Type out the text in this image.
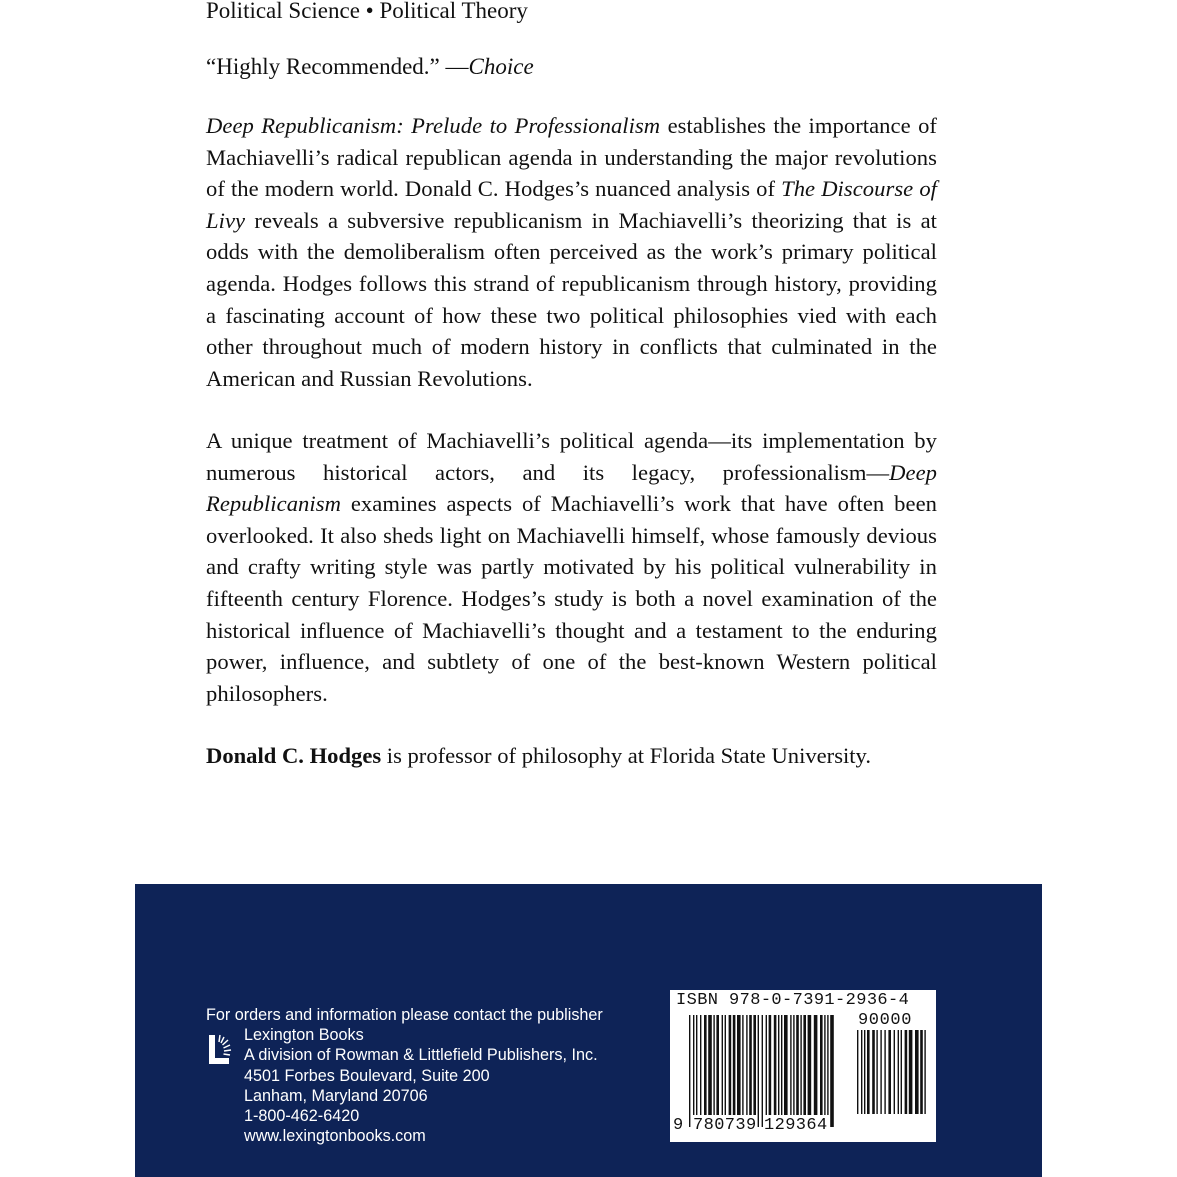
Political Science • Political Theory
“Highly Recommended.” —Choice
Deep Republicanism: Prelude to Professionalism establishes the importance of Machiavelli’s radical republican agenda in understanding the major revolutions of the modern world. Donald C. Hodges’s nuanced analysis of The Discourse of Livy reveals a subversive republicanism in Machiavelli’s theorizing that is at odds with the demoliberalism often perceived as the work’s primary political agenda. Hodges follows this strand of republicanism through history, providing a fascinating account of how these two political philosophies vied with each other throughout much of modern history in conflicts that culminated in the American and Russian Revolutions.
A unique treatment of Machiavelli’s political agenda—its implementation by numerous historical actors, and its legacy, professionalism—Deep Republicanism examines aspects of Machiavelli’s work that have often been overlooked. It also sheds light on Machiavelli himself, whose famously devious and crafty writing style was partly motivated by his political vulnerability in fifteenth century Florence. Hodges’s study is both a novel examination of the historical influence of Machiavelli’s thought and a testament to the enduring power, influence, and subtlety of one of the best-known Western political philosophers.
Donald C. Hodges is professor of philosophy at Florida State University.
For orders and information please contact the publisher
Lexington Books
A division of Rowman & Littlefield Publishers, Inc.
4501 Forbes Boulevard, Suite 200
Lanham, Maryland 20706
1-800-462-6420
www.lexingtonbooks.com
ISBN 978-0-7391-2936-4
90000
9 780739 129364
